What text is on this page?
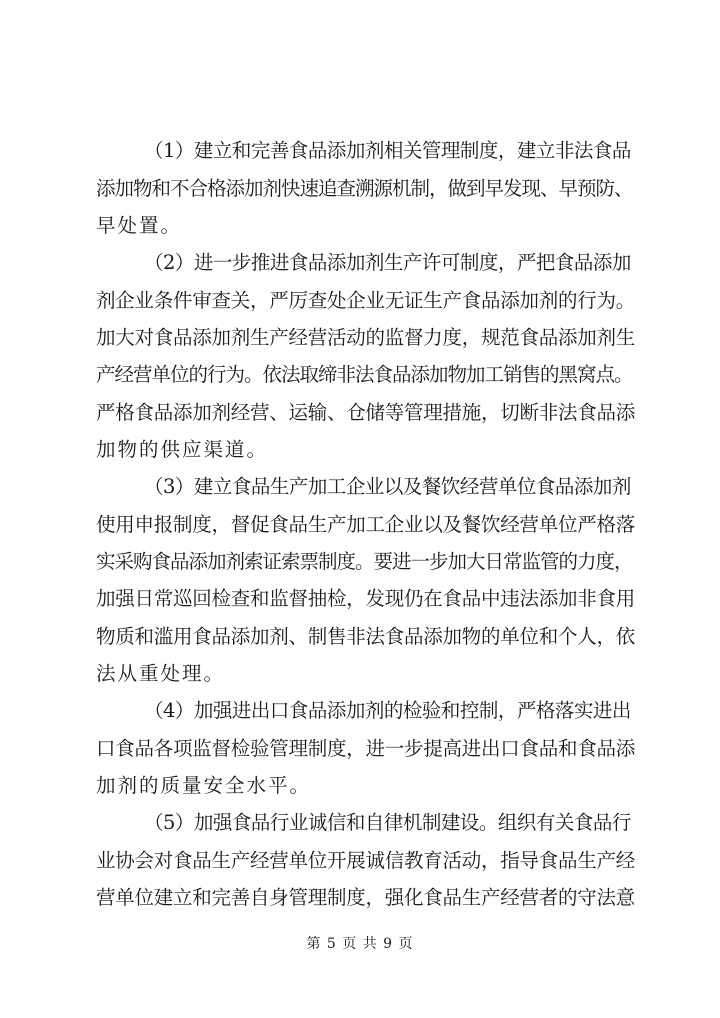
（1）建立和完善食品添加剂相关管理制度，建立非法食品
添加物和不合格添加剂快速追查溯源机制，做到早发现、早预防、
早处置。
（2）进一步推进食品添加剂生产许可制度，严把食品添加
剂企业条件审查关，严厉查处企业无证生产食品添加剂的行为。
加大对食品添加剂生产经营活动的监督力度，规范食品添加剂生
产经营单位的行为。依法取缔非法食品添加物加工销售的黑窝点。
严格食品添加剂经营、运输、仓储等管理措施，切断非法食品添
加物的供应渠道。
（3）建立食品生产加工企业以及餐饮经营单位食品添加剂
使用申报制度，督促食品生产加工企业以及餐饮经营单位严格落
实采购食品添加剂索证索票制度。要进一步加大日常监管的力度，
加强日常巡回检查和监督抽检，发现仍在食品中违法添加非食用
物质和滥用食品添加剂、制售非法食品添加物的单位和个人，依
法从重处理。
（4）加强进出口食品添加剂的检验和控制，严格落实进出
口食品各项监督检验管理制度，进一步提高进出口食品和食品添
加剂的质量安全水平。
（5）加强食品行业诚信和自律机制建设。组织有关食品行
业协会对食品生产经营单位开展诚信教育活动，指导食品生产经
营单位建立和完善自身管理制度，强化食品生产经营者的守法意
第 5 页 共 9 页
